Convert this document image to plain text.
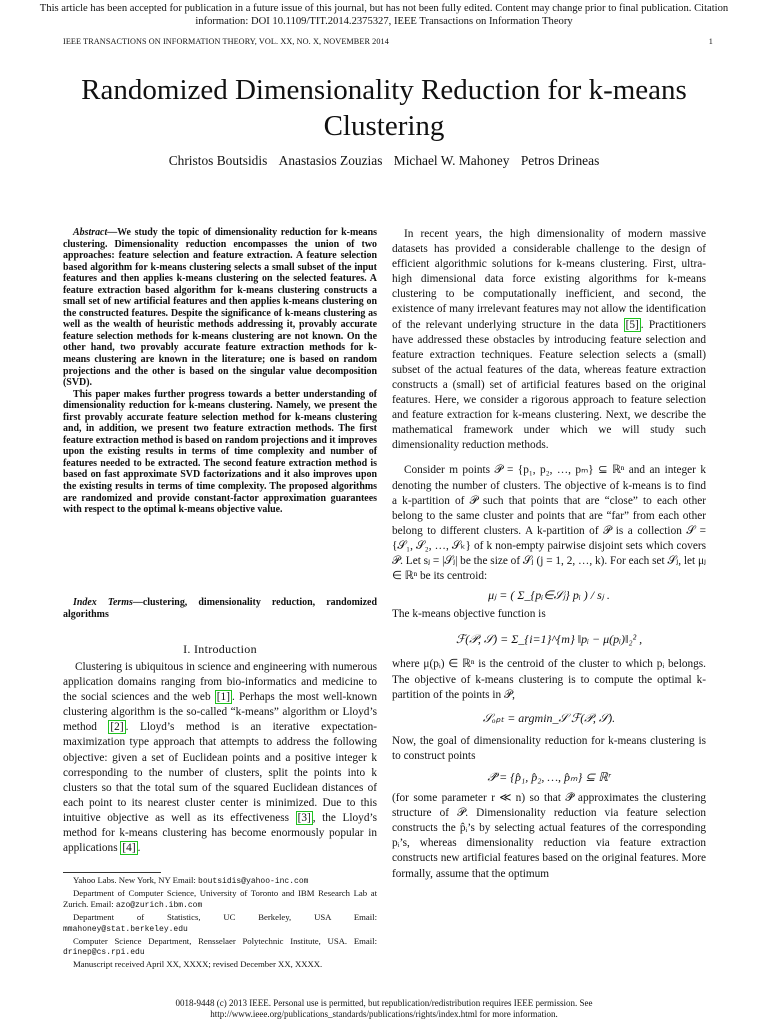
This article has been accepted for publication in a future issue of this journal, but has not been fully edited. Content may change prior to final publication. Citation information: DOI 10.1109/TIT.2014.2375327, IEEE Transactions on Information Theory
IEEE TRANSACTIONS ON INFORMATION THEORY, VOL. XX, NO. X, NOVEMBER 2014	1
Randomized Dimensionality Reduction for k-means Clustering
Christos Boutsidis Anastasios Zouzias Michael W. Mahoney Petros Drineas

Abstract—We study the topic of dimensionality reduction for k-means clustering. Dimensionality reduction encompasses the union of two approaches: feature selection and feature extraction. A feature selection based algorithm for k-means clustering selects a small subset of the input features and then applies k-means clustering on the selected features. A feature extraction based algorithm for k-means clustering constructs a small set of new artificial features and then applies k-means clustering on the constructed features. Despite the significance of k-means clustering as well as the wealth of heuristic methods addressing it, provably accurate feature selection methods for k-means clustering are not known. On the other hand, two provably accurate feature extraction methods for k-means clustering are known in the literature; one is based on random projections and the other is based on the singular value decomposition (SVD).

This paper makes further progress towards a better understanding of dimensionality reduction for k-means clustering. Namely, we present the first provably accurate feature selection method for k-means clustering and, in addition, we present two feature extraction methods. The first feature extraction method is based on random projections and it improves upon the existing results in terms of time complexity and number of features needed to be extracted. The second feature extraction method is based on fast approximate SVD factorizations and it also improves upon the existing results in terms of time complexity. The proposed algorithms are randomized and provide constant-factor approximation guarantees with respect to the optimal k-means objective value.

Index Terms—clustering, dimensionality reduction, randomized algorithms
I. Introduction
Clustering is ubiquitous in science and engineering with numerous application domains ranging from bio-informatics and medicine to the social sciences and the web [1] . Perhaps the most well-known clustering algorithm is the so-called “k-means” algorithm or Lloyd’s method [2] . Lloyd’s method is an iterative expectation-maximization type approach that attempts to address the following objective: given a set of Euclidean points and a positive integer k corresponding to the number of clusters, split the points into k clusters so that the total sum of the squared Euclidean distances of each point to its nearest cluster center is minimized. Due to this intuitive objective as well as its effectiveness [3] , the Lloyd’s method for k-means clustering has become enormously popular in applications [4] .

Yahoo Labs. New York, NY Email: boutsidis@yahoo-inc.com

Department of Computer Science, University of Toronto and IBM Research Lab at Zurich. Email: azo@zurich.ibm.com

Department of Statistics, UC Berkeley, USA Email: mmahoney@stat.berkeley.edu

Computer Science Department, Rensselaer Polytechnic Institute, USA. Email: drinep@cs.rpi.edu

Manuscript received April XX, XXXX; revised December XX, XXXX.

In recent years, the high dimensionality of modern massive datasets has provided a considerable challenge to the design of efficient algorithmic solutions for k-means clustering. First, ultra-high dimensional data force existing algorithms for k-means clustering to be computationally inefficient, and second, the existence of many irrelevant features may not allow the identification of the relevant underlying structure in the data [5] . Practitioners have addressed these obstacles by introducing feature selection and feature extraction techniques. Feature selection selects a (small) subset of the actual features of the data, whereas feature extraction constructs a (small) set of artificial features based on the original features. Here, we consider a rigorous approach to feature selection and feature extraction for k-means clustering. Next, we describe the mathematical framework under which we will study such dimensionality reduction methods.
Consider m points 𝒫 = {p₁, p₂, …, pₘ} ⊆ ℝⁿ and an integer k denoting the number of clusters. The objective of k-means is to find a k-partition of 𝒫 such that points that are “close” to each other belong to the same cluster and points that are “far” from each other belong to different clusters. A k-partition of 𝒫 is a collection 𝒮 = {𝒮₁, 𝒮₂, …, 𝒮ₖ} of k non-empty pairwise disjoint sets which covers 𝒫. Let sⱼ = |𝒮ⱼ| be the size of 𝒮ⱼ (j = 1, 2, …, k). For each set 𝒮ⱼ, let μⱼ ∈ ℝⁿ be its centroid:
μⱼ = ( Σ_{pᵢ∈𝒮ⱼ} pᵢ ) / sⱼ .
The k-means objective function is
ℱ(𝒫, 𝒮) = Σ_{i=1}^{m} ‖pᵢ − μ(pᵢ)‖₂² ,
where μ(pᵢ) ∈ ℝⁿ is the centroid of the cluster to which pᵢ belongs. The objective of k-means clustering is to compute the optimal k-partition of the points in 𝒫,
𝒮ₒₚₜ = argmin_𝒮 ℱ(𝒫, 𝒮).
Now, the goal of dimensionality reduction for k-means clustering is to construct points
𝒫̂ = {p̂₁, p̂₂, …, p̂ₘ} ⊆ ℝʳ
(for some parameter r ≪ n) so that 𝒫̂ approximates the clustering structure of 𝒫. Dimensionality reduction via feature selection constructs the p̂ᵢ’s by selecting actual features of the corresponding pᵢ’s, whereas dimensionality reduction via feature extraction constructs new artificial features based on the original features. More formally, assume that the optimum
0018-9448 (c) 2013 IEEE. Personal use is permitted, but republication/redistribution requires IEEE permission. See
http://www.ieee.org/publications_standards/publications/rights/index.html for more information.
